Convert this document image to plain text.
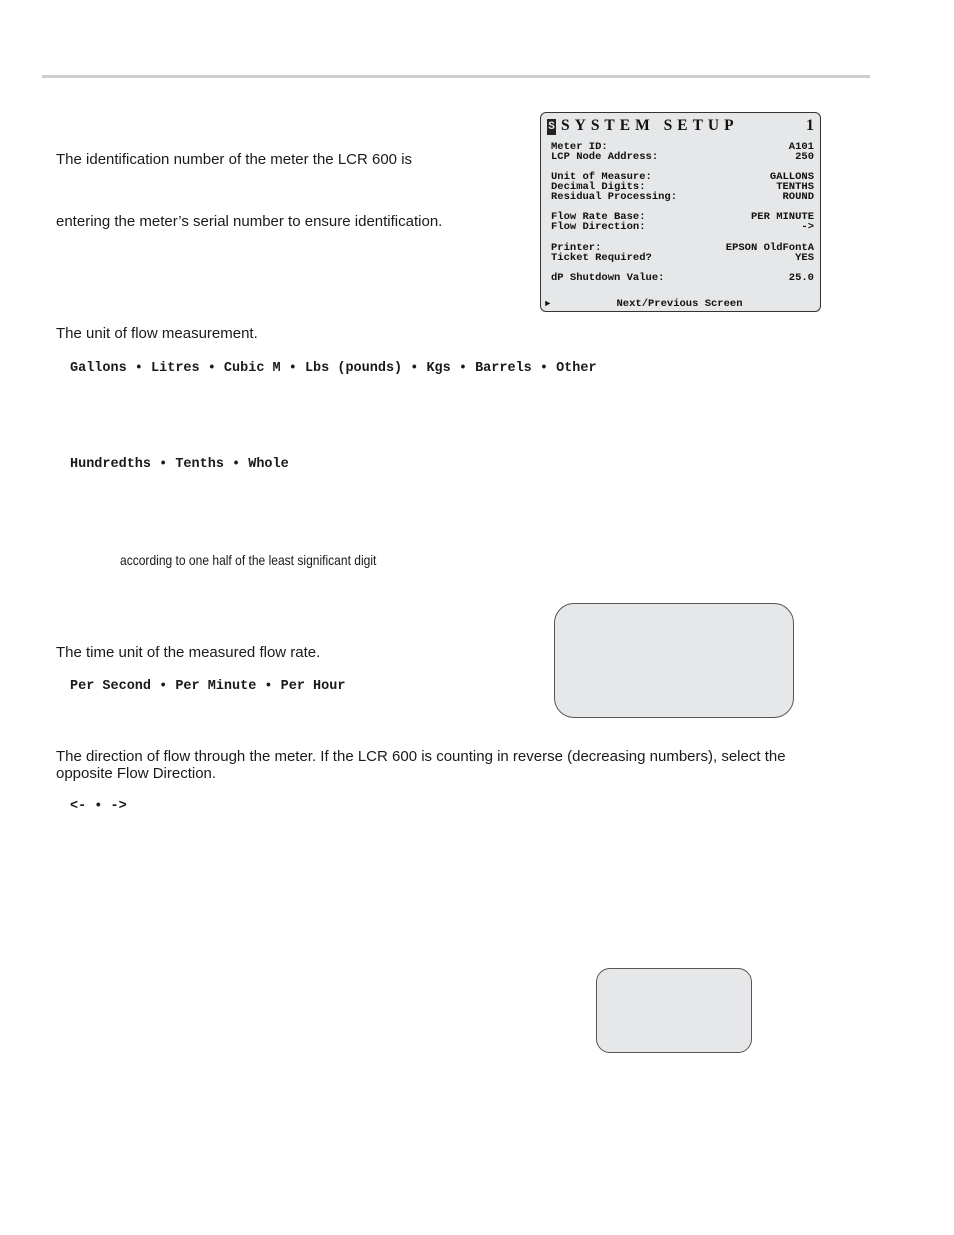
The identification number of the meter the LCR 600 is

entering the meter’s serial number to ensure identification.

S SYSTEM SETUP	1
Meter ID:	A101
LCP Node Address:	250
Unit of Measure:	GALLONS
Decimal Digits:	TENTHS
Residual Processing:	ROUND
Flow Rate Base:	PER MINUTE
Flow Direction:	->
Printer:	EPSON OldFontA
Ticket Required?	YES
dP Shutdown Value:	25.0
►	Next/Previous Screen

The unit of flow measurement.

Gallons • Litres • Cubic M • Lbs (pounds) • Kgs • Barrels • Other

Hundredths • Tenths • Whole

according to one half of the least significant digit

The time unit of the measured flow rate.

Per Second • Per Minute • Per Hour

The direction of flow through the meter. If the LCR 600 is counting in reverse (decreasing numbers), select the opposite Flow Direction.

<- • ->
